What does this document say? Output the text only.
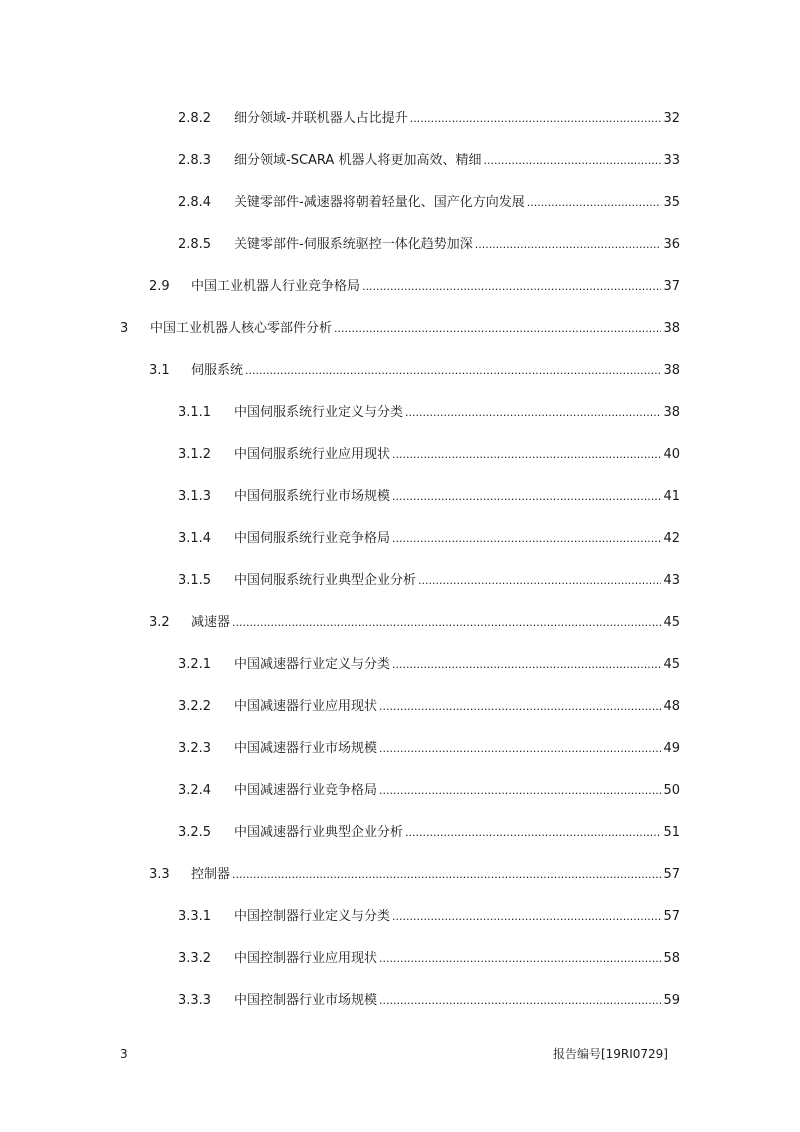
2.8.2	细分领域-并联机器人占比提升 .....	32
2.8.3	细分领域-SCARA 机器人将更加高效、精细 .....	33
2.8.4	关键零部件-减速器将朝着轻量化、国产化方向发展 .....	35
2.8.5	关键零部件-伺服系统驱控一体化趋势加深 .....	36
2.9	中国工业机器人行业竞争格局 .....	37
3	中国工业机器人核心零部件分析 .....	38
3.1	伺服系统 .....	38
3.1.1	中国伺服系统行业定义与分类 .....	38
3.1.2	中国伺服系统行业应用现状 .....	40
3.1.3	中国伺服系统行业市场规模 .....	41
3.1.4	中国伺服系统行业竞争格局 .....	42
3.1.5	中国伺服系统行业典型企业分析 .....	43
3.2	减速器 .....	45
3.2.1	中国减速器行业定义与分类 .....	45
3.2.2	中国减速器行业应用现状 .....	48
3.2.3	中国减速器行业市场规模 .....	49
3.2.4	中国减速器行业竞争格局 .....	50
3.2.5	中国减速器行业典型企业分析 .....	51
3.3	控制器 .....	57
3.3.1	中国控制器行业定义与分类 .....	57
3.3.2	中国控制器行业应用现状 .....	58
3.3.3	中国控制器行业市场规模 .....	59
3	报告编号[19RI0729]
